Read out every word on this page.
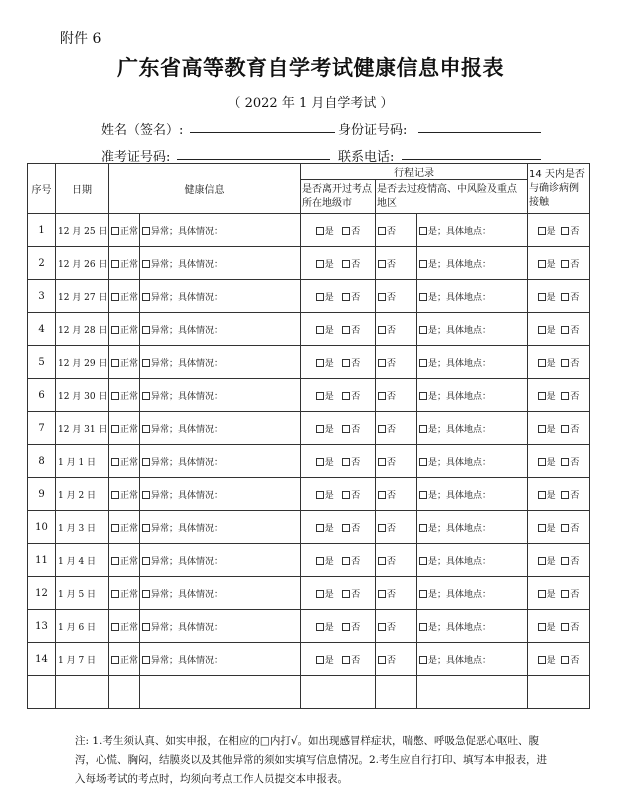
附件 6
广东省高等教育自学考试健康信息申报表
（ 2022 年 1 月自学考试 ）
姓名（签名）:	身份证号码:
准考证号码:	联系电话:
序号	日期	健康信息		行程记录			14 天内是否与确诊病例接触
				是否离开过考点所在地级市	是否去过疫情高、中风险及重点地区		
1	12 月 25 日	正常	异常；具体情况：	是 否	否	是；具体地点：	是 否
2	12 月 26 日	正常	异常；具体情况：	是 否	否	是；具体地点：	是 否
3	12 月 27 日	正常	异常；具体情况：	是 否	否	是；具体地点：	是 否
4	12 月 28 日	正常	异常；具体情况：	是 否	否	是；具体地点：	是 否
5	12 月 29 日	正常	异常；具体情况：	是 否	否	是；具体地点：	是 否
6	12 月 30 日	正常	异常；具体情况：	是 否	否	是；具体地点：	是 否
7	12 月 31 日	正常	异常；具体情况：	是 否	否	是；具体地点：	是 否
8	1 月 1 日	正常	异常；具体情况：	是 否	否	是；具体地点：	是 否
9	1 月 2 日	正常	异常；具体情况：	是 否	否	是；具体地点：	是 否
10	1 月 3 日	正常	异常；具体情况：	是 否	否	是；具体地点：	是 否
11	1 月 4 日	正常	异常；具体情况：	是 否	否	是；具体地点：	是 否
12	1 月 5 日	正常	异常；具体情况：	是 否	否	是；具体地点：	是 否
13	1 月 6 日	正常	异常；具体情况：	是 否	否	是；具体地点：	是 否
14	1 月 7 日	正常	异常；具体情况：	是 否	否	是；具体地点：	是 否

注: 1.考生须认真、如实申报，在相应的□内打√。如出现感冒样症状，喘憋、呼吸急促恶心呕吐、腹泻，心慌、胸闷，结膜炎以及其他异常的须如实填写信息情况。2.考生应自行打印、填写本申报表，进入每场考试的考点时，均须向考点工作人员提交本申报表。
